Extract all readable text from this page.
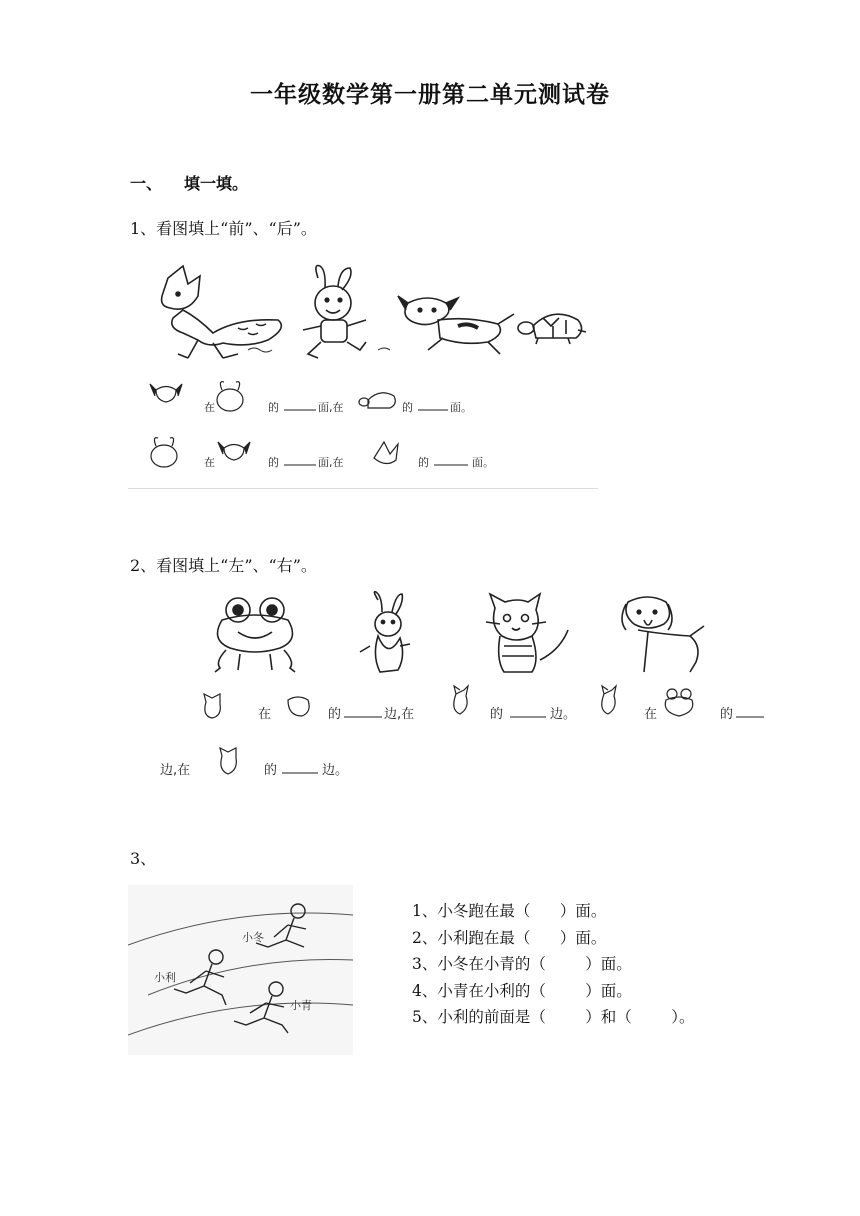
一年级数学第一册第二单元测试卷
一、 填一填。
1、看图填上“前”、“后”。
在	的	面,在	的	面。
在	的	面,在	的	面。
2、看图填上“左”、“右”。
在	的	边,在	的	边。	在	的
边,在	的	边。
3、
小冬
小利
小青
1、小冬跑在最（      ）面。
2、小利跑在最（      ）面。
3、小冬在小青的（        ）面。
4、小青在小利的（        ）面。
5、小利的前面是（        ）和（        ）。
